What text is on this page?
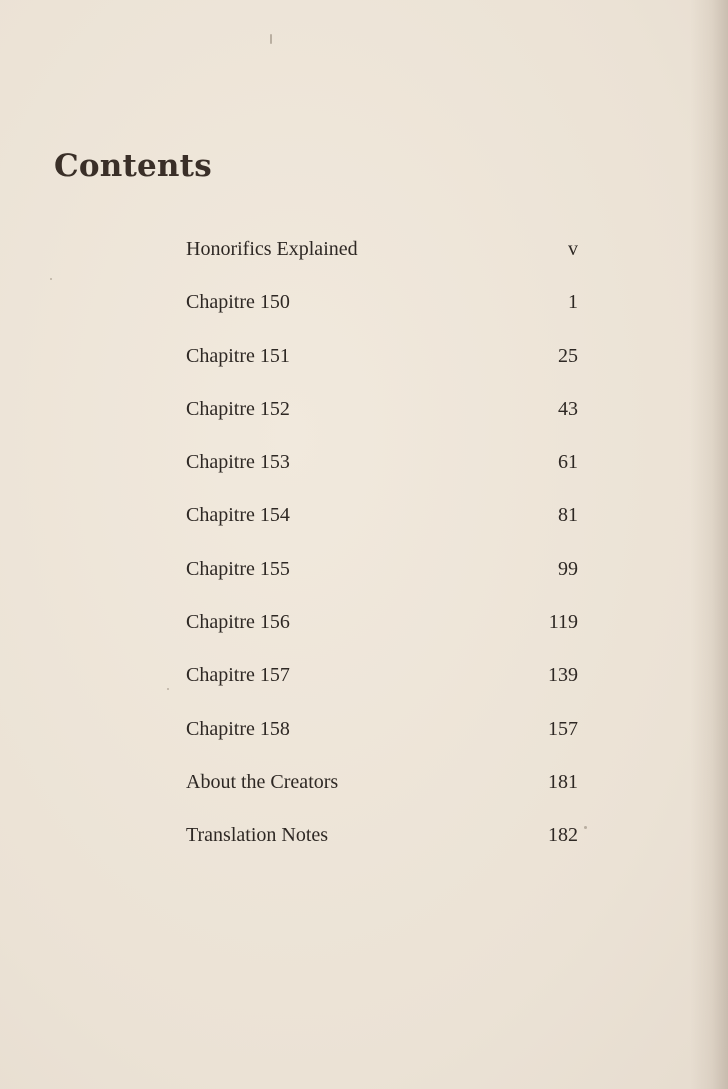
Contents
Honorifics Explained	v
Chapitre 150	1
Chapitre 151	25
Chapitre 152	43
Chapitre 153	61
Chapitre 154	81
Chapitre 155	99
Chapitre 156	119
Chapitre 157	139
Chapitre 158	157
About the Creators	181
Translation Notes	182
